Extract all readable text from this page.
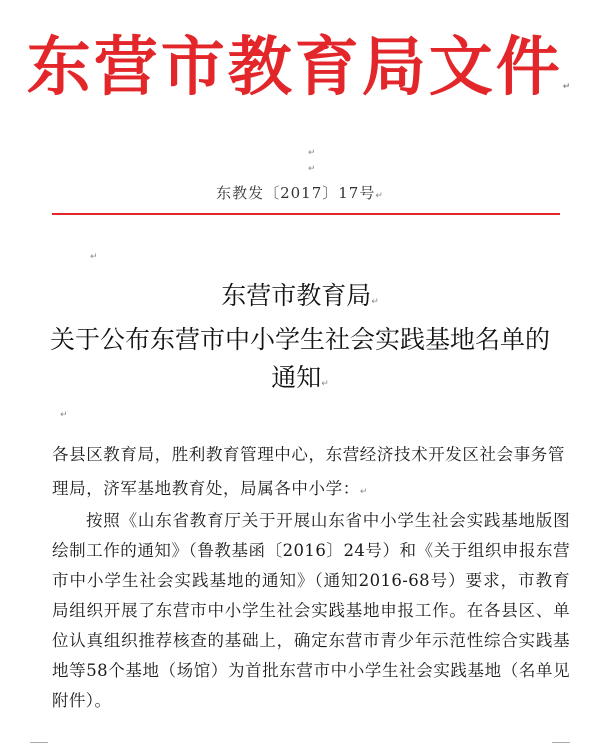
东营市教育局文件↵
↵
↵
东教发〔2017〕17号↵
↵
东营市教育局↵
关于公布东营市中小学生社会实践基地名单的
通知↵
↵
各县区教育局，胜利教育管理中心，东营经济技术开发区社会事务管理局，济军基地教育处，局属各中小学：↵
按照《山东省教育厅关于开展山东省中小学生社会实践基地版图绘制工作的通知》（鲁教基函〔2016〕24号）和《关于组织申报东营市中小学生社会实践基地的通知》（通知2016-68号）要求，市教育局组织开展了东营市中小学生社会实践基地申报工作。在各县区、单位认真组织推荐核查的基础上，确定东营市青少年示范性综合实践基地等58个基地（场馆）为首批东营市中小学生社会实践基地（名单见附件）。
